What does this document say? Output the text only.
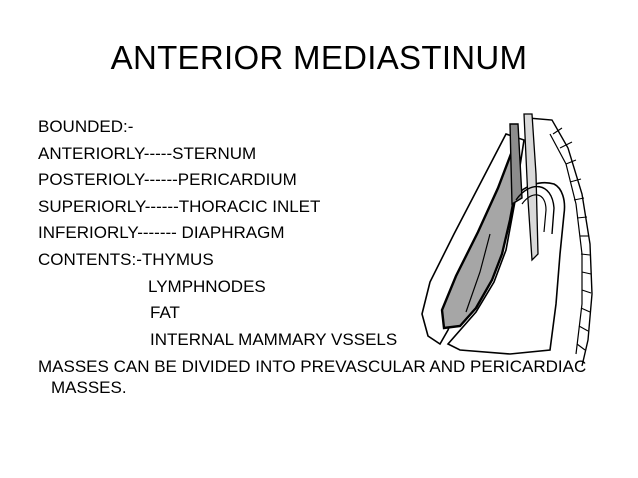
ANTERIOR MEDIASTINUM
BOUNDED:-
ANTERIORLY-----STERNUM
POSTERIOLY------PERICARDIUM
SUPERIORLY------THORACIC INLET
INFERIORLY------- DIAPHRAGM
CONTENTS:-THYMUS
LYMPHNODES
FAT
INTERNAL MAMMARY VSSELS
MASSES CAN BE DIVIDED INTO PREVASCULAR AND PERICARDIAC MASSES.
